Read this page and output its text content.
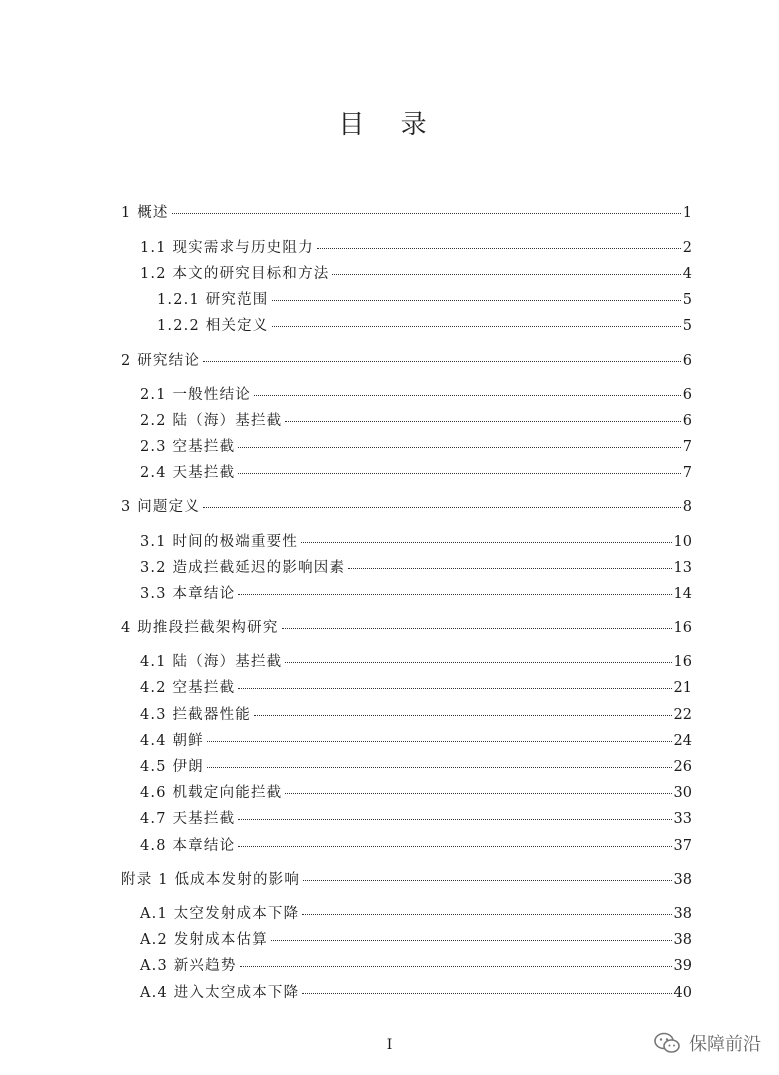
目 录
1 概述	1
1.1 现实需求与历史阻力	2
1.2 本文的研究目标和方法	4
1.2.1 研究范围	5
1.2.2 相关定义	5
2 研究结论	6
2.1 一般性结论	6
2.2 陆（海）基拦截	6
2.3 空基拦截	7
2.4 天基拦截	7
3 问题定义	8
3.1 时间的极端重要性	10
3.2 造成拦截延迟的影响因素	13
3.3 本章结论	14
4 助推段拦截架构研究	16
4.1 陆（海）基拦截	16
4.2 空基拦截	21
4.3 拦截器性能	22
4.4 朝鲜	24
4.5 伊朗	26
4.6 机载定向能拦截	30
4.7 天基拦截	33
4.8 本章结论	37
附录 1 低成本发射的影响	38
A.1 太空发射成本下降	38
A.2 发射成本估算	38
A.3 新兴趋势	39
A.4 进入太空成本下降	40
I	保障前沿
